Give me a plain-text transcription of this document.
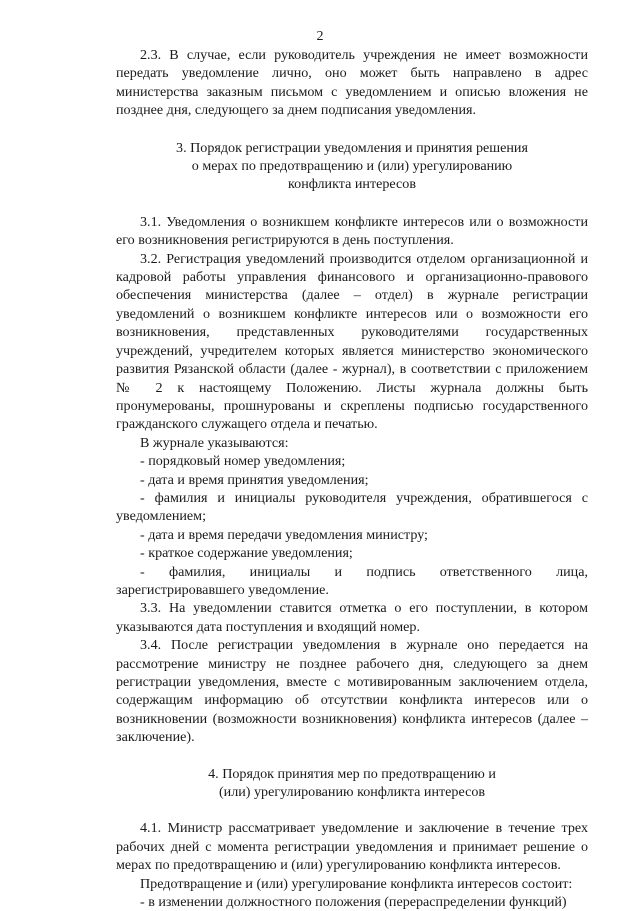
2

2.3. В случае, если руководитель учреждения не имеет возможности передать уведомление лично, оно может быть направлено в адрес министерства заказным письмом с уведомлением и описью вложения не позднее дня, следующего за днем подписания уведомления.

3. Порядок регистрации уведомления и принятия решения
о мерах по предотвращению и (или) урегулированию
конфликта интересов

3.1. Уведомления о возникшем конфликте интересов или о возможности его возникновения регистрируются в день поступления.

3.2. Регистрация уведомлений производится отделом организационной и кадровой работы управления финансового и организационно-правового обеспечения министерства (далее – отдел) в журнале регистрации уведомлений о возникшем конфликте интересов или о возможности его возникновения, представленных руководителями государственных учреждений, учредителем которых является министерство экономического развития Рязанской области (далее - журнал), в соответствии с приложением № 2 к настоящему Положению. Листы журнала должны быть пронумерованы, прошнурованы и скреплены подписью государственного гражданского служащего отдела и печатью.

В журнале указываются:

- порядковый номер уведомления;

- дата и время принятия уведомления;

- фамилия и инициалы руководителя учреждения, обратившегося с уведомлением;

- дата и время передачи уведомления министру;

- краткое содержание уведомления;

- фамилия, инициалы и подпись ответственного лица, зарегистрировавшего уведомление.

3.3. На уведомлении ставится отметка о его поступлении, в котором указываются дата поступления и входящий номер.

3.4. После регистрации уведомления в журнале оно передается на рассмотрение министру не позднее рабочего дня, следующего за днем регистрации уведомления, вместе с мотивированным заключением отдела, содержащим информацию об отсутствии конфликта интересов или о возникновении (возможности возникновения) конфликта интересов (далее – заключение).

4. Порядок принятия мер по предотвращению и
(или) урегулированию конфликта интересов

4.1. Министр рассматривает уведомление и заключение в течение трех рабочих дней с момента регистрации уведомления и принимает решение о мерах по предотвращению и (или) урегулированию конфликта интересов.

Предотвращение и (или) урегулирование конфликта интересов состоит:

- в изменении должностного положения (перераспределении функций)
